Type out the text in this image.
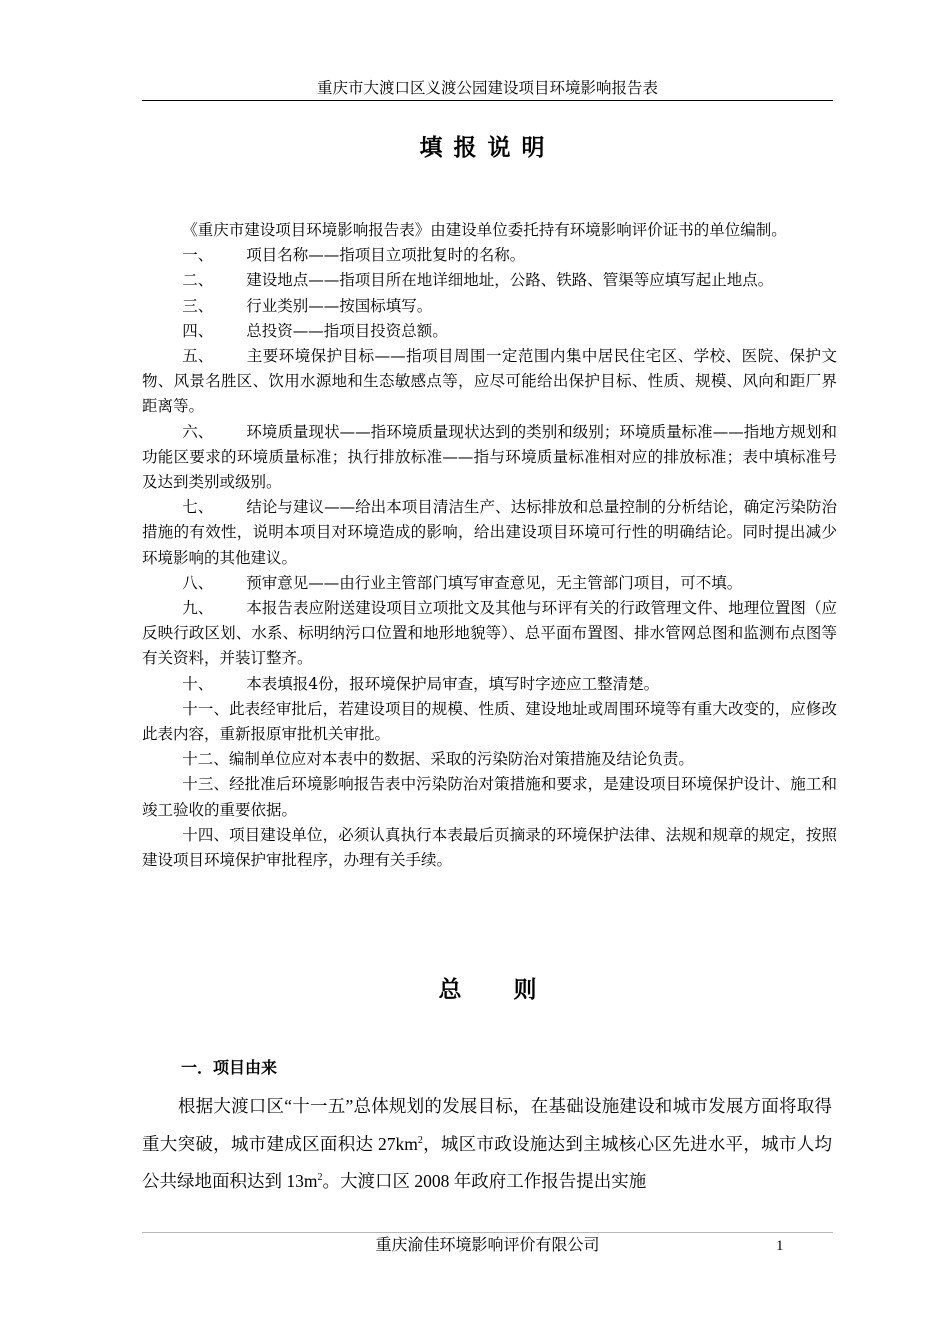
重庆市大渡口区义渡公园建设项目环境影响报告表
填报说明

《重庆市建设项目环境影响报告表》由建设单位委托持有环境影响评价证书的单位编制。

一、 项目名称——指项目立项批复时的名称。

二、 建设地点——指项目所在地详细地址，公路、铁路、管渠等应填写起止地点。

三、 行业类别——按国标填写。

四、 总投资——指项目投资总额。

五、 主要环境保护目标——指项目周围一定范围内集中居民住宅区、学校、医院、保护文物、风景名胜区、饮用水源地和生态敏感点等，应尽可能给出保护目标、性质、规模、风向和距厂界距离等。

六、 环境质量现状——指环境质量现状达到的类别和级别；环境质量标准——指地方规划和功能区要求的环境质量标准；执行排放标准——指与环境质量标准相对应的排放标准；表中填标准号及达到类别或级别。

七、 结论与建议——给出本项目清洁生产、达标排放和总量控制的分析结论，确定污染防治措施的有效性，说明本项目对环境造成的影响，给出建设项目环境可行性的明确结论。同时提出减少环境影响的其他建议。

八、 预审意见——由行业主管部门填写审查意见，无主管部门项目，可不填。

九、 本报告表应附送建设项目立项批文及其他与环评有关的行政管理文件、地理位置图（应反映行政区划、水系、标明纳污口位置和地形地貌等）、总平面布置图、排水管网总图和监测布点图等有关资料，并装订整齐。

十、 本表填报4份，报环境保护局审查，填写时字迹应工整清楚。

十一、此表经审批后，若建设项目的规模、性质、建设地址或周围环境等有重大改变的，应修改此表内容，重新报原审批机关审批。

十二、编制单位应对本表中的数据、采取的污染防治对策措施及结论负责。

十三、经批准后环境影响报告表中污染防治对策措施和要求，是建设项目环境保护设计、施工和竣工验收的重要依据。

十四、项目建设单位，必须认真执行本表最后页摘录的环境保护法律、法规和规章的规定，按照建设项目环境保护审批程序，办理有关手续。

总 则
一．项目由来

根据大渡口区“十一五”总体规划的发展目标，在基础设施建设和城市发展方面将取得重大突破，城市建成区面积达 $27km^2$，城区市政设施达到主城核心区先进水平，城市人均公共绿地面积达到 $13m^2$。大渡口区 2008 年政府工作报告提出实施

重庆渝佳环境影响评价有限公司	1
